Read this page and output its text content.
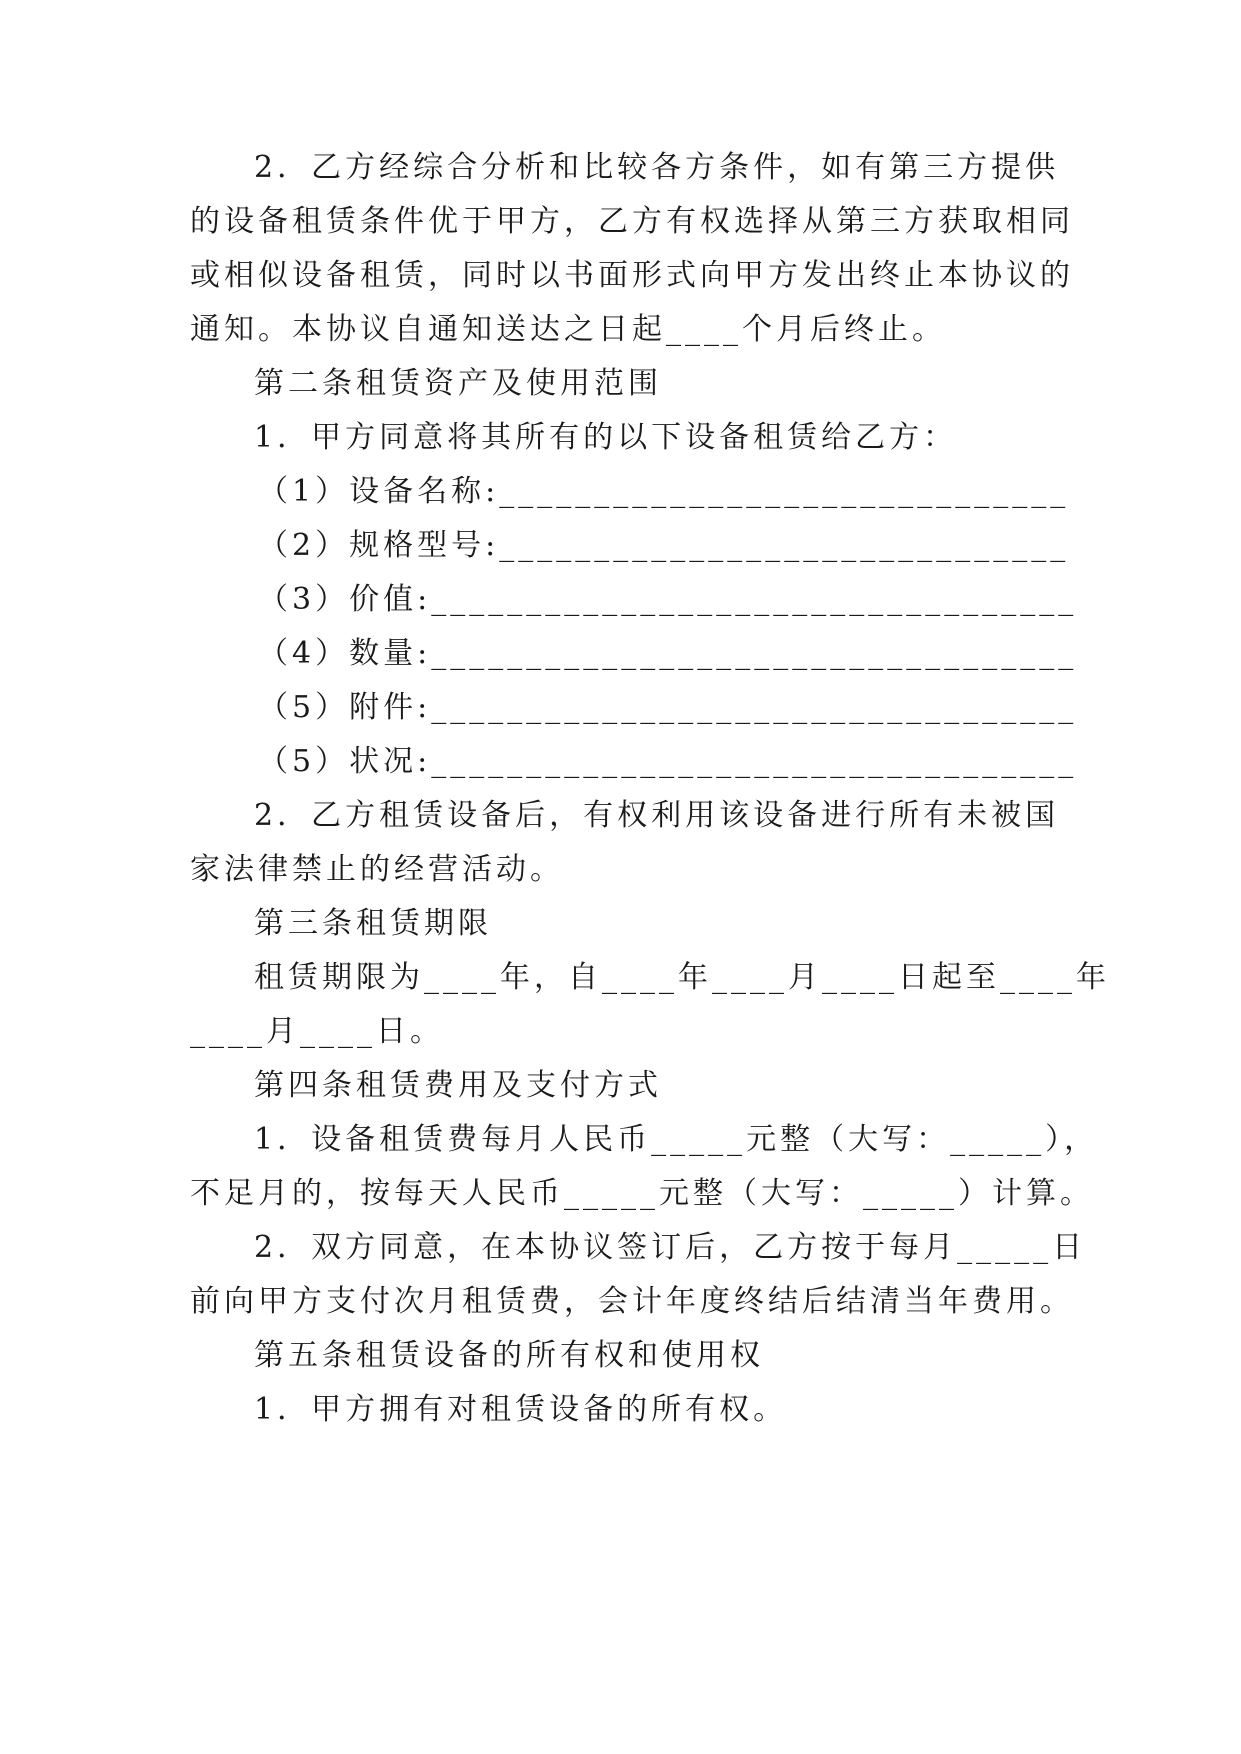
2．乙方经综合分析和比较各方条件，如有第三方提供
的设备租赁条件优于甲方，乙方有权选择从第三方获取相同
或相似设备租赁，同时以书面形式向甲方发出终止本协议的
通知。本协议自通知送达之日起____个月后终止。
第二条租赁资产及使用范围
1．甲方同意将其所有的以下设备租赁给乙方：
（1）设备名称:______________________________
（2）规格型号:______________________________
（3）价值:__________________________________
（4）数量:__________________________________
（5）附件:__________________________________
（5）状况:__________________________________
2．乙方租赁设备后，有权利用该设备进行所有未被国
家法律禁止的经营活动。
第三条租赁期限
租赁期限为____年，自____年____月____日起至____年
____月____日。
第四条租赁费用及支付方式
1．设备租赁费每月人民币_____元整（大写：_____），
不足月的，按每天人民币_____元整（大写：_____）计算。
2．双方同意，在本协议签订后，乙方按于每月_____日
前向甲方支付次月租赁费，会计年度终结后结清当年费用。
第五条租赁设备的所有权和使用权
1．甲方拥有对租赁设备的所有权。
